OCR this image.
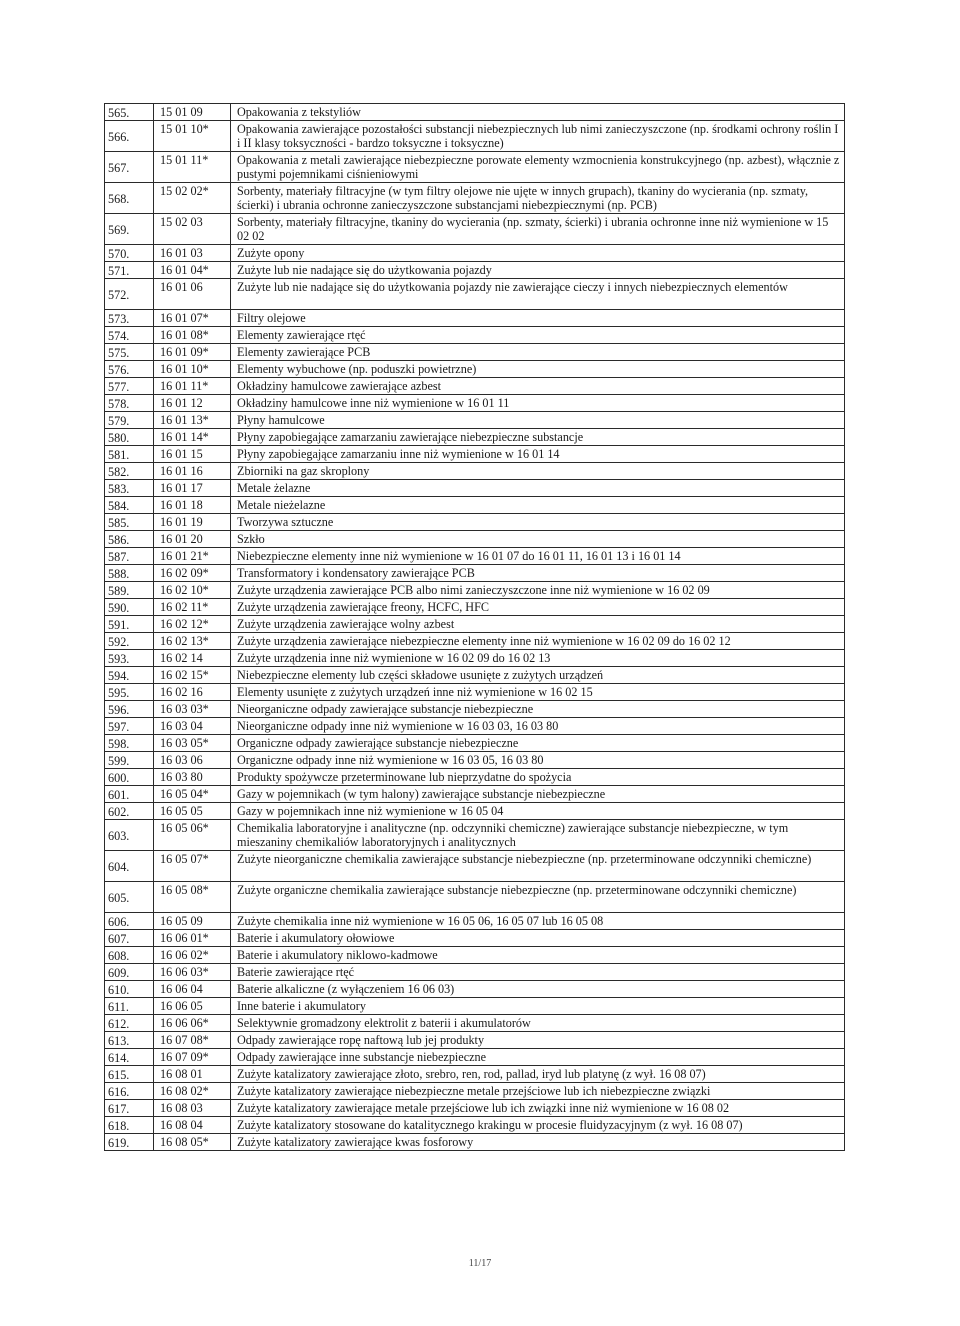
565.	15 01 09	Opakowania z tekstyliów
566.	15 01 10*	Opakowania zawierające pozostałości substancji niebezpiecznych lub nimi zanieczyszczone (np. środkami ochrony roślin I i II klasy toksyczności - bardzo toksyczne i toksyczne)
567.	15 01 11*	Opakowania z metali zawierające niebezpieczne porowate elementy wzmocnienia konstrukcyjnego (np. azbest), włącznie z pustymi pojemnikami ciśnieniowymi
568.	15 02 02*	Sorbenty, materiały filtracyjne (w tym filtry olejowe nie ujęte w innych grupach), tkaniny do wycierania (np. szmaty, ścierki) i ubrania ochronne zanieczyszczone substancjami niebezpiecznymi (np. PCB)
569.	15 02 03	Sorbenty, materiały filtracyjne, tkaniny do wycierania (np. szmaty, ścierki) i ubrania ochronne inne niż wymienione w 15 02 02
570.	16 01 03	Zużyte opony
571.	16 01 04*	Zużyte lub nie nadające się do użytkowania pojazdy
572.	16 01 06	Zużyte lub nie nadające się do użytkowania pojazdy nie zawierające cieczy i innych niebezpiecznych elementów
573.	16 01 07*	Filtry olejowe
574.	16 01 08*	Elementy zawierające rtęć
575.	16 01 09*	Elementy zawierające PCB
576.	16 01 10*	Elementy wybuchowe (np. poduszki powietrzne)
577.	16 01 11*	Okładziny hamulcowe zawierające azbest
578.	16 01 12	Okładziny hamulcowe inne niż wymienione w 16 01 11
579.	16 01 13*	Płyny hamulcowe
580.	16 01 14*	Płyny zapobiegające zamarzaniu zawierające niebezpieczne substancje
581.	16 01 15	Płyny zapobiegające zamarzaniu inne niż wymienione w 16 01 14
582.	16 01 16	Zbiorniki na gaz skroplony
583.	16 01 17	Metale żelazne
584.	16 01 18	Metale nieżelazne
585.	16 01 19	Tworzywa sztuczne
586.	16 01 20	Szkło
587.	16 01 21*	Niebezpieczne elementy inne niż wymienione w 16 01 07 do 16 01 11, 16 01 13 i 16 01 14
588.	16 02 09*	Transformatory i kondensatory zawierające PCB
589.	16 02 10*	Zużyte urządzenia zawierające PCB albo nimi zanieczyszczone inne niż wymienione w 16 02 09
590.	16 02 11*	Zużyte urządzenia zawierające freony, HCFC, HFC
591.	16 02 12*	Zużyte urządzenia zawierające wolny azbest
592.	16 02 13*	Zużyte urządzenia zawierające niebezpieczne elementy inne niż wymienione w 16 02 09 do 16 02 12
593.	16 02 14	Zużyte urządzenia inne niż wymienione w 16 02 09 do 16 02 13
594.	16 02 15*	Niebezpieczne elementy lub części składowe usunięte z zużytych urządzeń
595.	16 02 16	Elementy usunięte z zużytych urządzeń inne niż wymienione w 16 02 15
596.	16 03 03*	Nieorganiczne odpady zawierające substancje niebezpieczne
597.	16 03 04	Nieorganiczne odpady inne niż wymienione w 16 03 03, 16 03 80
598.	16 03 05*	Organiczne odpady zawierające substancje niebezpieczne
599.	16 03 06	Organiczne odpady inne niż wymienione w 16 03 05, 16 03 80
600.	16 03 80	Produkty spożywcze przeterminowane lub nieprzydatne do spożycia
601.	16 05 04*	Gazy w pojemnikach (w tym halony) zawierające substancje niebezpieczne
602.	16 05 05	Gazy w pojemnikach inne niż wymienione w 16 05 04
603.	16 05 06*	Chemikalia laboratoryjne i analityczne (np. odczynniki chemiczne) zawierające substancje niebezpieczne, w tym mieszaniny chemikaliów laboratoryjnych i analitycznych
604.	16 05 07*	Zużyte nieorganiczne chemikalia zawierające substancje niebezpieczne (np. przeterminowane odczynniki chemiczne)
605.	16 05 08*	Zużyte organiczne chemikalia zawierające substancje niebezpieczne (np. przeterminowane odczynniki chemiczne)
606.	16 05 09	Zużyte chemikalia inne niż wymienione w 16 05 06, 16 05 07 lub 16 05 08
607.	16 06 01*	Baterie i akumulatory ołowiowe
608.	16 06 02*	Baterie i akumulatory niklowo-kadmowe
609.	16 06 03*	Baterie zawierające rtęć
610.	16 06 04	Baterie alkaliczne (z wyłączeniem 16 06 03)
611.	16 06 05	Inne baterie i akumulatory
612.	16 06 06*	Selektywnie gromadzony elektrolit z baterii i akumulatorów
613.	16 07 08*	Odpady zawierające ropę naftową lub jej produkty
614.	16 07 09*	Odpady zawierające inne substancje niebezpieczne
615.	16 08 01	Zużyte katalizatory zawierające złoto, srebro, ren, rod, pallad, iryd lub platynę (z wył. 16 08 07)
616.	16 08 02*	Zużyte katalizatory zawierające niebezpieczne metale przejściowe lub ich niebezpieczne związki
617.	16 08 03	Zużyte katalizatory zawierające metale przejściowe lub ich związki inne niż wymienione w 16 08 02
618.	16 08 04	Zużyte katalizatory stosowane do katalitycznego krakingu w procesie fluidyzacyjnym (z wył. 16 08 07)
619.	16 08 05*	Zużyte katalizatory zawierające kwas fosforowy
11/17
